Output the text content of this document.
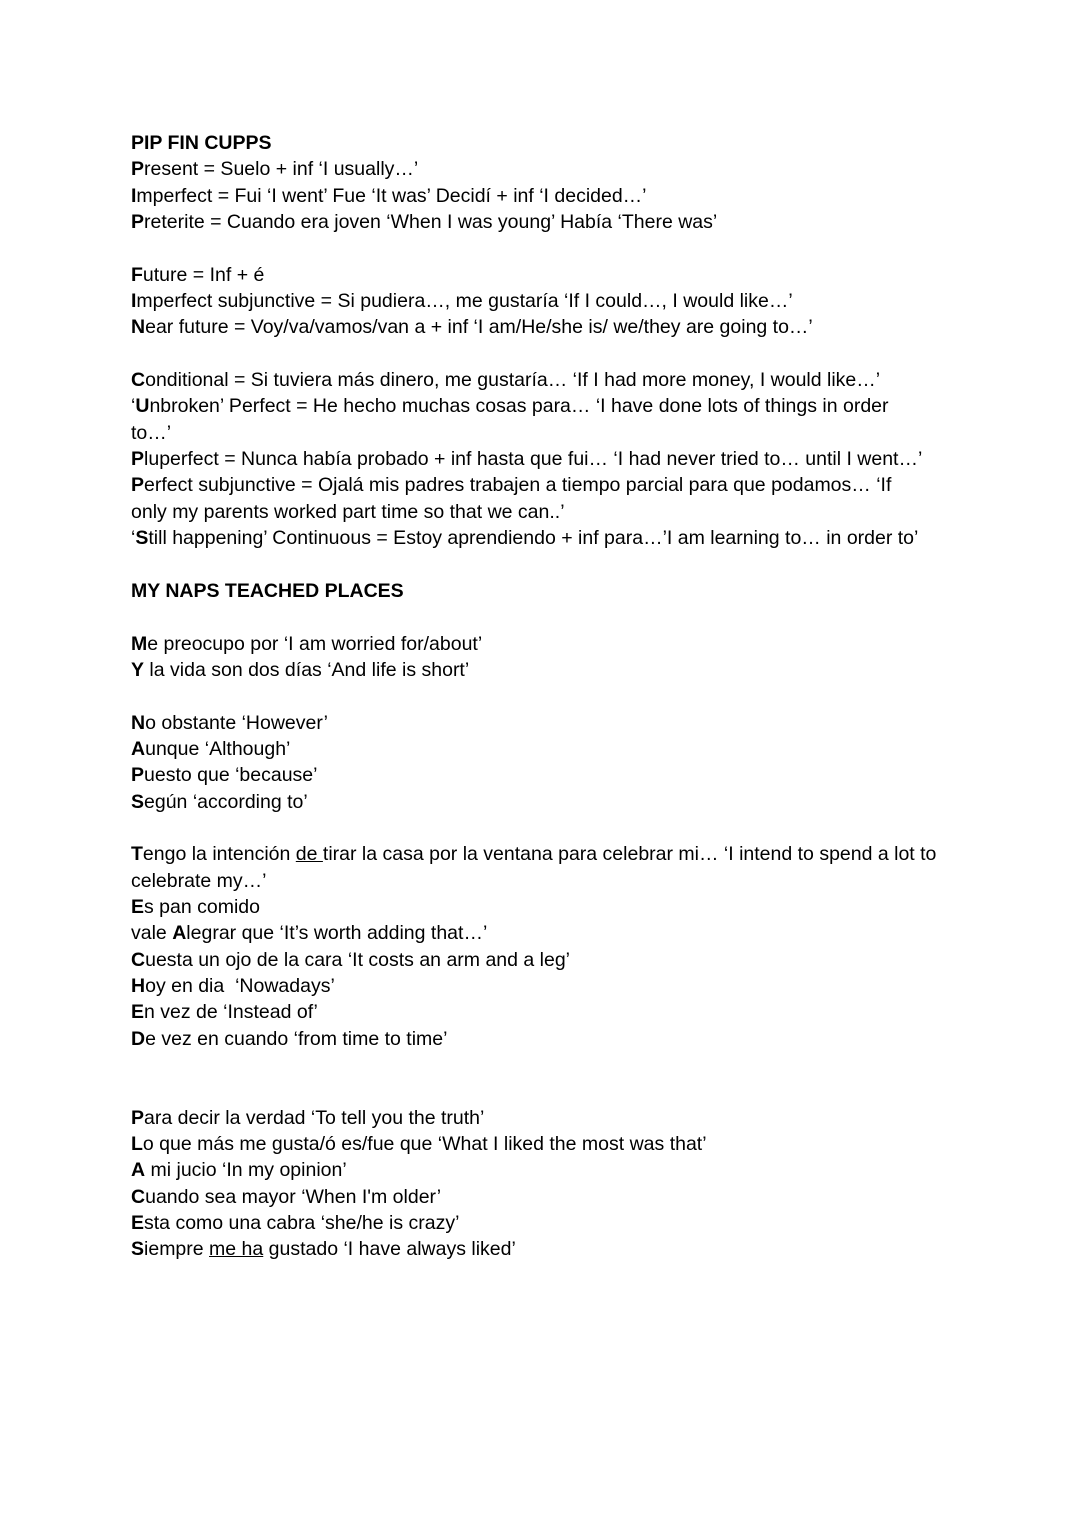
PIP FIN CUPPS

Present = Suelo + inf ‘I usually…’

Imperfect = Fui ‘I went’ Fue ‘It was’ Decidí + inf ‘I decided…’

Preterite = Cuando era joven ‘When I was young’ Había ‘There was’

Future = Inf + é

Imperfect subjunctive = Si pudiera…, me gustaría ‘If I could…, I would like…’

Near future = Voy/va/vamos/van a + inf ‘I am/He/she is/ we/they are going to…’

Conditional = Si tuviera más dinero, me gustaría… ‘If I had more money, I would like…’

‘Unbroken’ Perfect = He hecho muchas cosas para… ‘I have done lots of things in order to…’

Pluperfect = Nunca había probado + inf hasta que fui… ‘I had never tried to… until I went…’

Perfect subjunctive = Ojalá mis padres trabajen a tiempo parcial para que podamos… ‘If only my parents worked part time so that we can..’

‘Still happening’ Continuous = Estoy aprendiendo + inf para…’I am learning to… in order to’

MY NAPS TEACHED PLACES

Me preocupo por ‘I am worried for/about’

Y la vida son dos días ‘And life is short’

No obstante ‘However’

Aunque ‘Although’

Puesto que ‘because’

Según ‘according to’

Tengo la intención de tirar la casa por la ventana para celebrar mi… ‘I intend to spend a lot to celebrate my…’

Es pan comido

vale Alegrar que ‘It’s worth adding that…’

Cuesta un ojo de la cara ‘It costs an arm and a leg’

Hoy en dia  ‘Nowadays’

En vez de ‘Instead of’

De vez en cuando ‘from time to time’

Para decir la verdad ‘To tell you the truth’

Lo que más me gusta/ó es/fue que ‘What I liked the most was that’

A mi jucio ‘In my opinion’

Cuando sea mayor ‘When I'm older’

Esta como una cabra ‘she/he is crazy’

Siempre me ha gustado ‘I have always liked’
